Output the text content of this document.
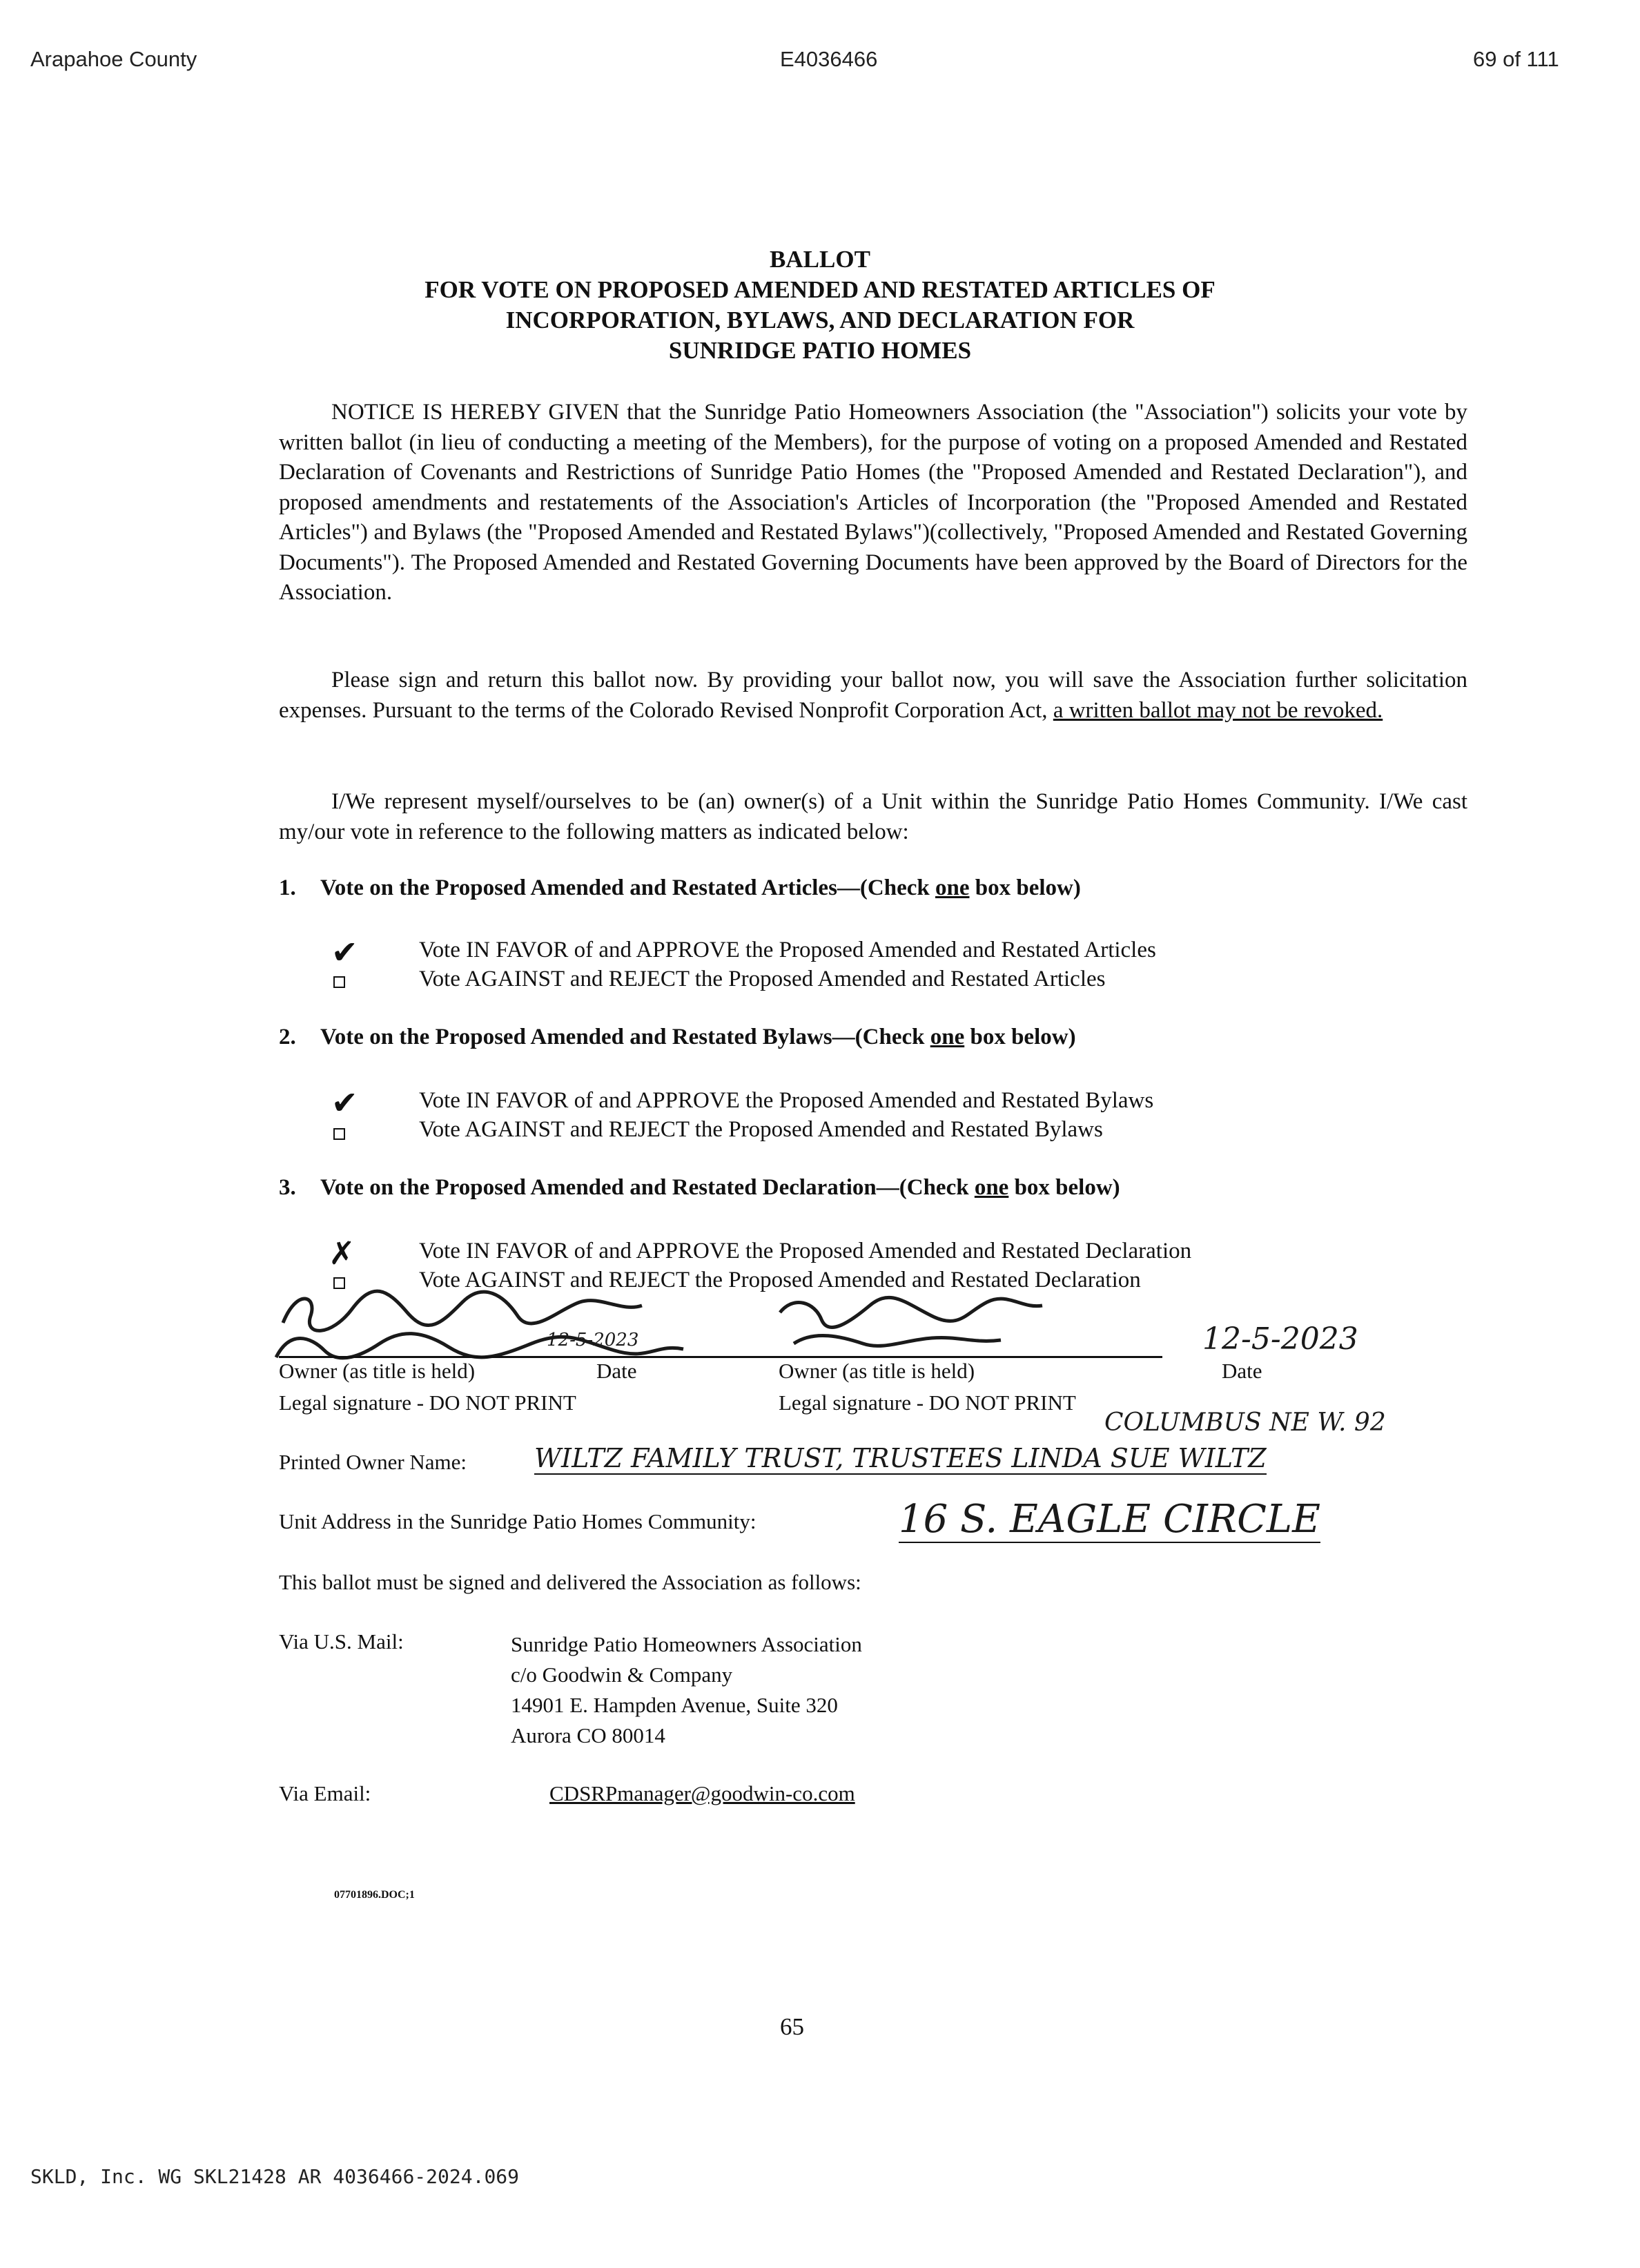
Arapahoe County	E4036466	69 of 111
BALLOT
FOR VOTE ON PROPOSED AMENDED AND RESTATED ARTICLES OF
INCORPORATION, BYLAWS, AND DECLARATION FOR
SUNRIDGE PATIO HOMES

NOTICE IS HEREBY GIVEN that the Sunridge Patio Homeowners Association (the "Association") solicits your vote by written ballot (in lieu of conducting a meeting of the Members), for the purpose of voting on a proposed Amended and Restated Declaration of Covenants and Restrictions of Sunridge Patio Homes (the "Proposed Amended and Restated Declaration"), and proposed amendments and restatements of the Association's Articles of Incorporation (the "Proposed Amended and Restated Articles") and Bylaws (the "Proposed Amended and Restated Bylaws")(collectively, "Proposed Amended and Restated Governing Documents"). The Proposed Amended and Restated Governing Documents have been approved by the Board of Directors for the Association.

Please sign and return this ballot now. By providing your ballot now, you will save the Association further solicitation expenses. Pursuant to the terms of the Colorado Revised Nonprofit Corporation Act, a written ballot may not be revoked.

I/We represent myself/ourselves to be (an) owner(s) of a Unit within the Sunridge Patio Homes Community. I/We cast my/our vote in reference to the following matters as indicated below:

1. Vote on the Proposed Amended and Restated Articles—(Check one box below)
✔	Vote IN FAVOR of and APPROVE the Proposed Amended and Restated Articles
Vote AGAINST and REJECT the Proposed Amended and Restated Articles
2. Vote on the Proposed Amended and Restated Bylaws—(Check one box below)
✔	Vote IN FAVOR of and APPROVE the Proposed Amended and Restated Bylaws
Vote AGAINST and REJECT the Proposed Amended and Restated Bylaws
3. Vote on the Proposed Amended and Restated Declaration—(Check one box below)
✗	Vote IN FAVOR of and APPROVE the Proposed Amended and Restated Declaration
Vote AGAINST and REJECT the Proposed Amended and Restated Declaration
12-5-2023
12-5-2023
Owner (as title is held)	Date	Owner (as title is held)	Date
Legal signature - DO NOT PRINT	Legal signature - DO NOT PRINT
COLUMBUS NE W. 92
Printed Owner Name:	WILTZ FAMILY TRUST, TRUSTEES LINDA SUE WILTZ
Unit Address in the Sunridge Patio Homes Community:	16 S. EAGLE CIRCLE
This ballot must be signed and delivered the Association as follows:
Via U.S. Mail:	Sunridge Patio Homeowners Association
c/o Goodwin & Company
14901 E. Hampden Avenue, Suite 320
Aurora CO 80014
Via Email:	CDSRPmanager@goodwin-co.com
07701896.DOC;1
65
SKLD, Inc. WG SKL21428 AR 4036466-2024.069
